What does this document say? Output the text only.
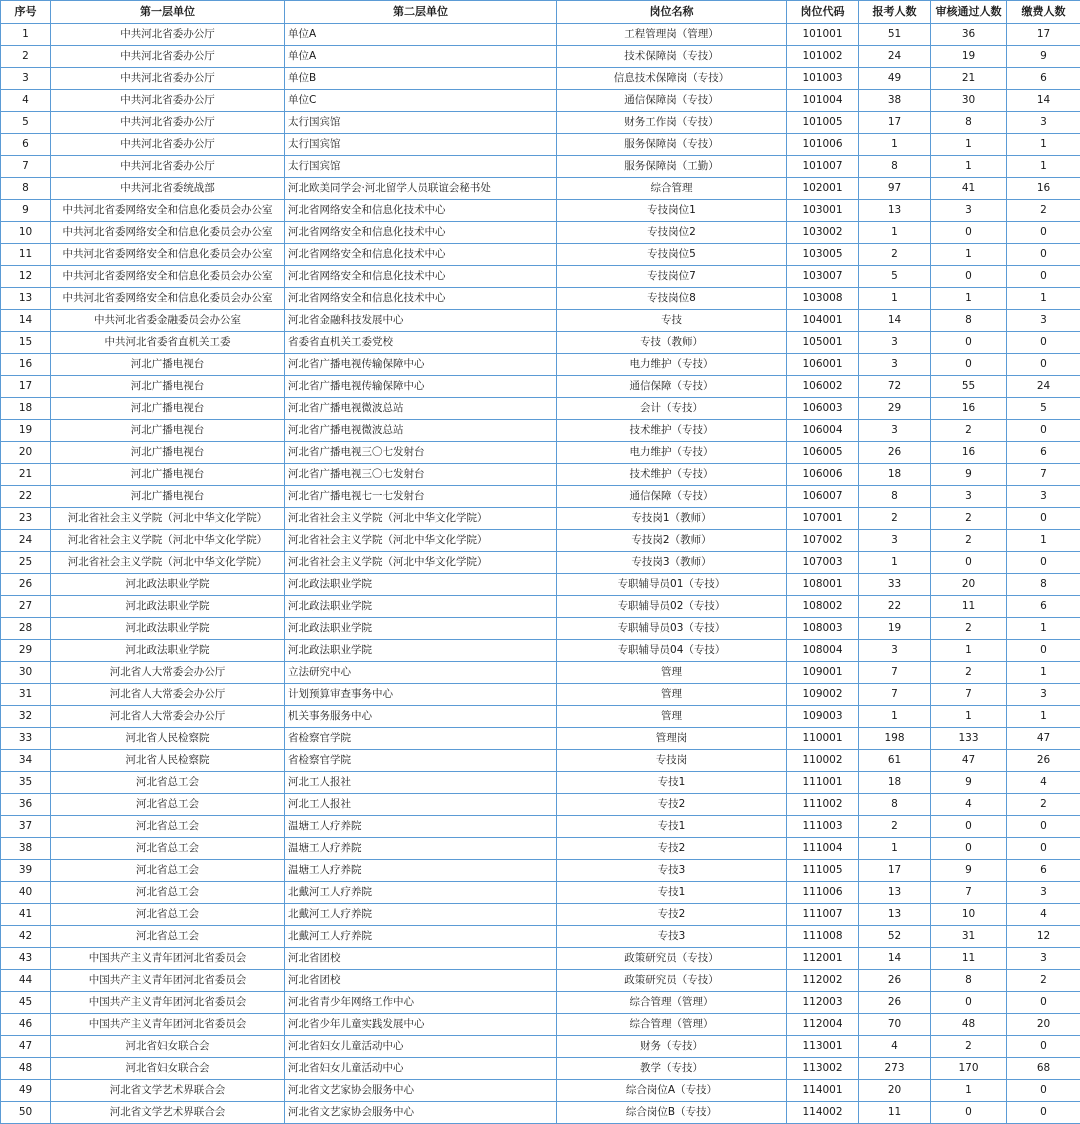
序号	第一层单位	第二层单位	岗位名称	岗位代码	报考人数	审核通过人数	缴费人数
1	中共河北省委办公厅	单位A	工程管理岗（管理）	101001	51	36	17
2	中共河北省委办公厅	单位A	技术保障岗（专技）	101002	24	19	9
3	中共河北省委办公厅	单位B	信息技术保障岗（专技）	101003	49	21	6
4	中共河北省委办公厅	单位C	通信保障岗（专技）	101004	38	30	14
5	中共河北省委办公厅	太行国宾馆	财务工作岗（专技）	101005	17	8	3
6	中共河北省委办公厅	太行国宾馆	服务保障岗（专技）	101006	1	1	1
7	中共河北省委办公厅	太行国宾馆	服务保障岗（工勤）	101007	8	1	1
8	中共河北省委统战部	河北欧美同学会·河北留学人员联谊会秘书处	综合管理	102001	97	41	16
9	中共河北省委网络安全和信息化委员会办公室	河北省网络安全和信息化技术中心	专技岗位1	103001	13	3	2
10	中共河北省委网络安全和信息化委员会办公室	河北省网络安全和信息化技术中心	专技岗位2	103002	1	0	0
11	中共河北省委网络安全和信息化委员会办公室	河北省网络安全和信息化技术中心	专技岗位5	103005	2	1	0
12	中共河北省委网络安全和信息化委员会办公室	河北省网络安全和信息化技术中心	专技岗位7	103007	5	0	0
13	中共河北省委网络安全和信息化委员会办公室	河北省网络安全和信息化技术中心	专技岗位8	103008	1	1	1
14	中共河北省委金融委员会办公室	河北省金融科技发展中心	专技	104001	14	8	3
15	中共河北省委省直机关工委	省委省直机关工委党校	专技（教师）	105001	3	0	0
16	河北广播电视台	河北省广播电视传输保障中心	电力维护（专技）	106001	3	0	0
17	河北广播电视台	河北省广播电视传输保障中心	通信保障（专技）	106002	72	55	24
18	河北广播电视台	河北省广播电视微波总站	会计（专技）	106003	29	16	5
19	河北广播电视台	河北省广播电视微波总站	技术维护（专技）	106004	3	2	0
20	河北广播电视台	河北省广播电视三〇七发射台	电力维护（专技）	106005	26	16	6
21	河北广播电视台	河北省广播电视三〇七发射台	技术维护（专技）	106006	18	9	7
22	河北广播电视台	河北省广播电视七一七发射台	通信保障（专技）	106007	8	3	3
23	河北省社会主义学院（河北中华文化学院）	河北省社会主义学院（河北中华文化学院）	专技岗1（教师）	107001	2	2	0
24	河北省社会主义学院（河北中华文化学院）	河北省社会主义学院（河北中华文化学院）	专技岗2（教师）	107002	3	2	1
25	河北省社会主义学院（河北中华文化学院）	河北省社会主义学院（河北中华文化学院）	专技岗3（教师）	107003	1	0	0
26	河北政法职业学院	河北政法职业学院	专职辅导员01（专技）	108001	33	20	8
27	河北政法职业学院	河北政法职业学院	专职辅导员02（专技）	108002	22	11	6
28	河北政法职业学院	河北政法职业学院	专职辅导员03（专技）	108003	19	2	1
29	河北政法职业学院	河北政法职业学院	专职辅导员04（专技）	108004	3	1	0
30	河北省人大常委会办公厅	立法研究中心	管理	109001	7	2	1
31	河北省人大常委会办公厅	计划预算审查事务中心	管理	109002	7	7	3
32	河北省人大常委会办公厅	机关事务服务中心	管理	109003	1	1	1
33	河北省人民检察院	省检察官学院	管理岗	110001	198	133	47
34	河北省人民检察院	省检察官学院	专技岗	110002	61	47	26
35	河北省总工会	河北工人报社	专技1	111001	18	9	4
36	河北省总工会	河北工人报社	专技2	111002	8	4	2
37	河北省总工会	温塘工人疗养院	专技1	111003	2	0	0
38	河北省总工会	温塘工人疗养院	专技2	111004	1	0	0
39	河北省总工会	温塘工人疗养院	专技3	111005	17	9	6
40	河北省总工会	北戴河工人疗养院	专技1	111006	13	7	3
41	河北省总工会	北戴河工人疗养院	专技2	111007	13	10	4
42	河北省总工会	北戴河工人疗养院	专技3	111008	52	31	12
43	中国共产主义青年团河北省委员会	河北省团校	政策研究员（专技）	112001	14	11	3
44	中国共产主义青年团河北省委员会	河北省团校	政策研究员（专技）	112002	26	8	2
45	中国共产主义青年团河北省委员会	河北省青少年网络工作中心	综合管理（管理）	112003	26	0	0
46	中国共产主义青年团河北省委员会	河北省少年儿童实践发展中心	综合管理（管理）	112004	70	48	20
47	河北省妇女联合会	河北省妇女儿童活动中心	财务（专技）	113001	4	2	0
48	河北省妇女联合会	河北省妇女儿童活动中心	教学（专技）	113002	273	170	68
49	河北省文学艺术界联合会	河北省文艺家协会服务中心	综合岗位A（专技）	114001	20	1	0
50	河北省文学艺术界联合会	河北省文艺家协会服务中心	综合岗位B（专技）	114002	11	0	0
